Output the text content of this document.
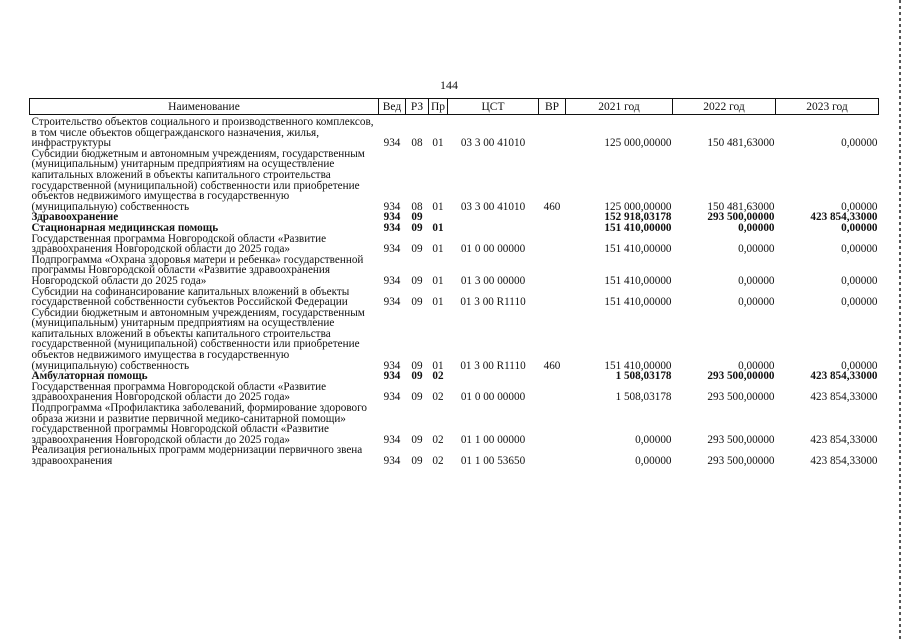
144
Наименование	Вед	РЗ	Пр	ЦСТ	ВР	2021 год	2022 год	2023 год
Строительство объектов социального и производственного комплексов, в том числе объектов общегражданского назначения, жилья, инфраструктуры	934	08	01	03 3 00 41010		125 000,00000	150 481,63000	0,00000
Субсидии бюджетным и автономным учреждениям, государственным (муниципальным) унитарным предприятиям на осуществление капитальных вложений в объекты капитального строительства государственной (муниципальной) собственности или приобретение объектов недвижимого имущества в государственную (муниципальную) собственность	934	08	01	03 3 00 41010	460	125 000,00000	150 481,63000	0,00000
Здравоохранение	934	09				152 918,03178	293 500,00000	423 854,33000
Стационарная медицинская помощь	934	09	01			151 410,00000	0,00000	0,00000
Государственная программа Новгородской области «Развитие здравоохранения Новгородской области до 2025 года»	934	09	01	01 0 00 00000		151 410,00000	0,00000	0,00000
Подпрограмма «Охрана здоровья матери и ребенка» государственной программы Новгородской области «Развитие здравоохранения Новгородской области до 2025 года»	934	09	01	01 3 00 00000		151 410,00000	0,00000	0,00000
Субсидии на софинансирование капитальных вложений в объекты государственной собственности субъектов Российской Федерации	934	09	01	01 3 00 R1110		151 410,00000	0,00000	0,00000
Субсидии бюджетным и автономным учреждениям, государственным (муниципальным) унитарным предприятиям на осуществление капитальных вложений в объекты капитального строительства государственной (муниципальной) собственности или приобретение объектов недвижимого имущества в государственную (муниципальную) собственность	934	09	01	01 3 00 R1110	460	151 410,00000	0,00000	0,00000
Амбулаторная помощь	934	09	02			1 508,03178	293 500,00000	423 854,33000
Государственная программа Новгородской области «Развитие здравоохранения Новгородской области до 2025 года»	934	09	02	01 0 00 00000		1 508,03178	293 500,00000	423 854,33000
Подпрограмма «Профилактика заболеваний, формирование здорового образа жизни и развитие первичной медико-санитарной помощи» государственной программы Новгородской области «Развитие здравоохранения Новгородской области до 2025 года»	934	09	02	01 1 00 00000		0,00000	293 500,00000	423 854,33000
Реализация региональных программ модернизации первичного звена здравоохранения	934	09	02	01 1 00 53650		0,00000	293 500,00000	423 854,33000
